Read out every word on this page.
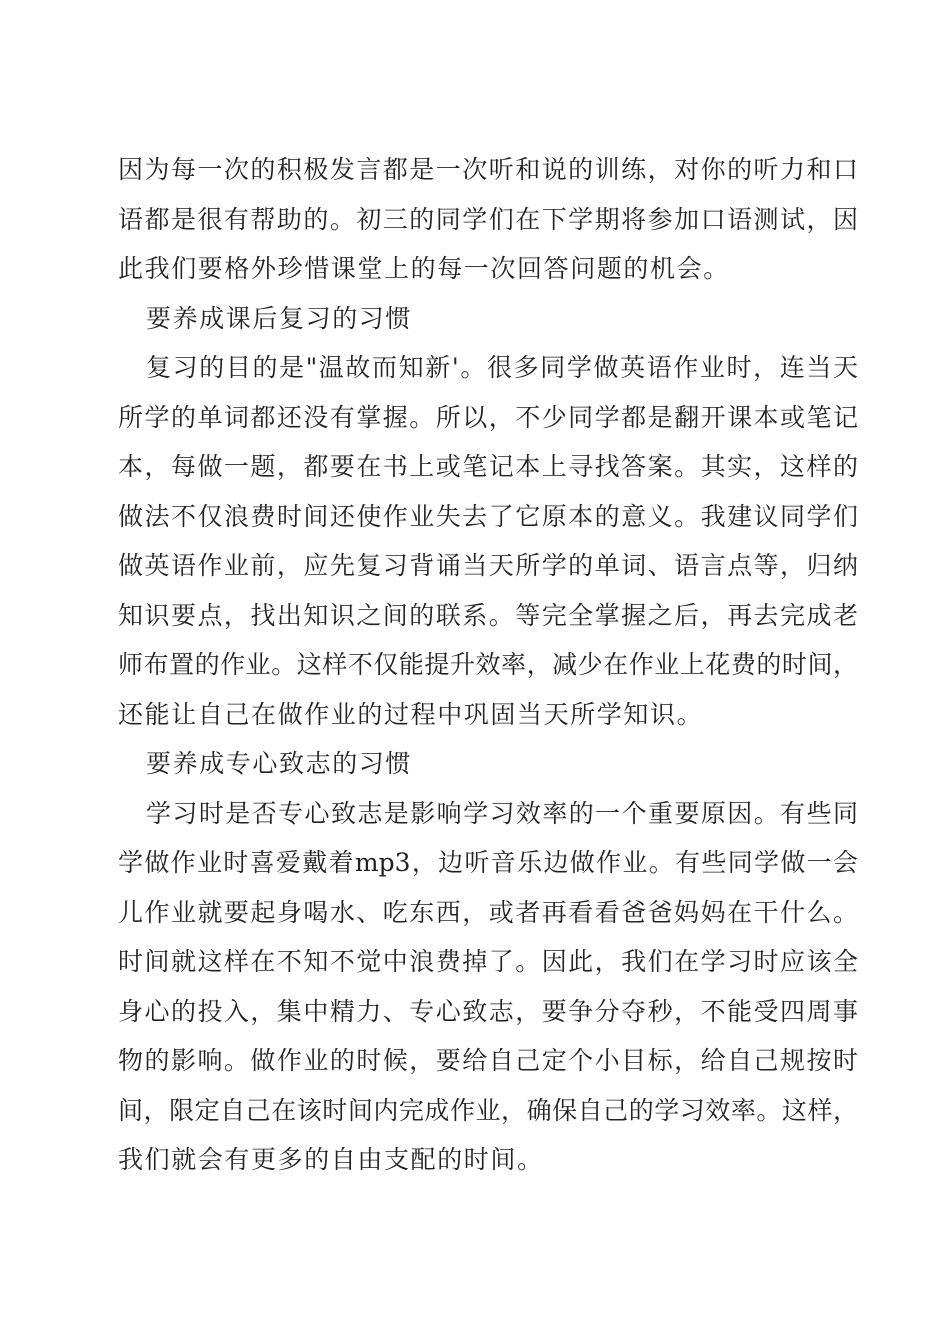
因为每一次的积极发言都是一次听和说的训练，对你的听力和口
语都是很有帮助的。初三的同学们在下学期将参加口语测试，因
此我们要格外珍惜课堂上的每一次回答问题的机会。
要养成课后复习的习惯
复习的目的是"温故而知新'。很多同学做英语作业时，连当天
所学的单词都还没有掌握。所以，不少同学都是翻开课本或笔记
本，每做一题，都要在书上或笔记本上寻找答案。其实，这样的
做法不仅浪费时间还使作业失去了它原本的意义。我建议同学们
做英语作业前，应先复习背诵当天所学的单词、语言点等，归纳
知识要点，找出知识之间的联系。等完全掌握之后，再去完成老
师布置的作业。这样不仅能提升效率，减少在作业上花费的时间，
还能让自己在做作业的过程中巩固当天所学知识。
要养成专心致志的习惯
学习时是否专心致志是影响学习效率的一个重要原因。有些同
学做作业时喜爱戴着mp3，边听音乐边做作业。有些同学做一会
儿作业就要起身喝水、吃东西，或者再看看爸爸妈妈在干什么。
时间就这样在不知不觉中浪费掉了。因此，我们在学习时应该全
身心的投入，集中精力、专心致志，要争分夺秒，不能受四周事
物的影响。做作业的时候，要给自己定个小目标，给自己规按时
间，限定自己在该时间内完成作业，确保自己的学习效率。这样，
我们就会有更多的自由支配的时间。
